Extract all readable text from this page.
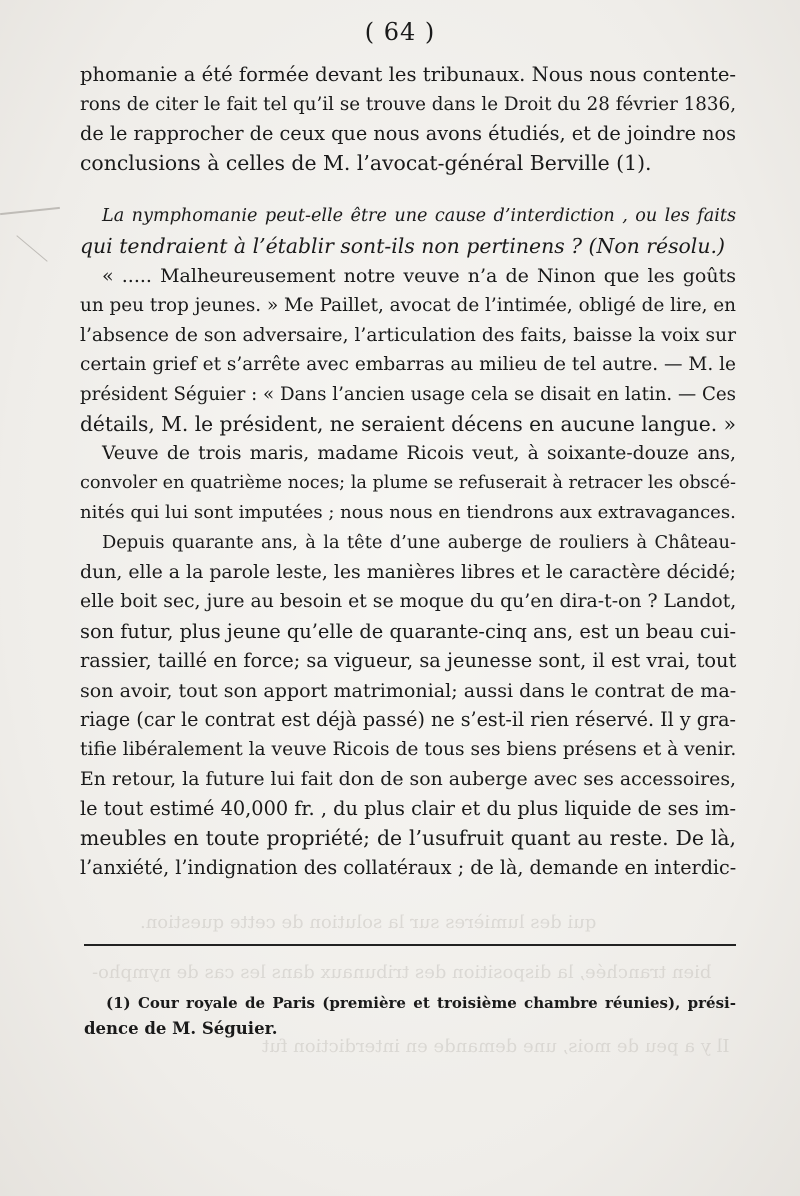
qui des lumières sur la solution de cette question.
bien tranchée, la disposition des tribunaux dans les cas de nympho-
Il y a peu de mois, une demande en interdiction fut
( 64 )
phomanie a été formée devant les tribunaux. Nous nous contente-
rons de citer le fait tel qu’il se trouve dans le Droit du 28 février 1836,
de le rapprocher de ceux que nous avons étudiés, et de joindre nos
conclusions à celles de M. l’avocat-général Berville (1).
La nymphomanie peut-elle être une cause d’interdiction , ou les faits
qui tendraient à l’établir sont-ils non pertinens ? (Non résolu.)
« ..... Malheureusement notre veuve n’a de Ninon que les goûts
un peu trop jeunes. » Me Paillet, avocat de l’intimée, obligé de lire, en
l’absence de son adversaire, l’articulation des faits, baisse la voix sur
certain grief et s’arrête avec embarras au milieu de tel autre. — M. le
président Séguier : « Dans l’ancien usage cela se disait en latin. — Ces
détails, M. le président, ne seraient décens en aucune langue. »
Veuve de trois maris, madame Ricois veut, à soixante-douze ans,
convoler en quatrième noces; la plume se refuserait à retracer les obscé-
nités qui lui sont imputées ; nous nous en tiendrons aux extravagances.
Depuis quarante ans, à la tête d’une auberge de rouliers à Château-
dun, elle a la parole leste, les manières libres et le caractère décidé;
elle boit sec, jure au besoin et se moque du qu’en dira-t-on ? Landot,
son futur, plus jeune qu’elle de quarante-cinq ans, est un beau cui-
rassier, taillé en force; sa vigueur, sa jeunesse sont, il est vrai, tout
son avoir, tout son apport matrimonial; aussi dans le contrat de ma-
riage (car le contrat est déjà passé) ne s’est-il rien réservé. Il y gra-
tifie libéralement la veuve Ricois de tous ses biens présens et à venir.
En retour, la future lui fait don de son auberge avec ses accessoires,
le tout estimé 40,000 fr. , du plus clair et du plus liquide de ses im-
meubles en toute propriété; de l’usufruit quant au reste. De là,
l’anxiété, l’indignation des collatéraux ; de là, demande en interdic-
(1) Cour royale de Paris (première et troisième chambre réunies), prési-
dence de M. Séguier.
